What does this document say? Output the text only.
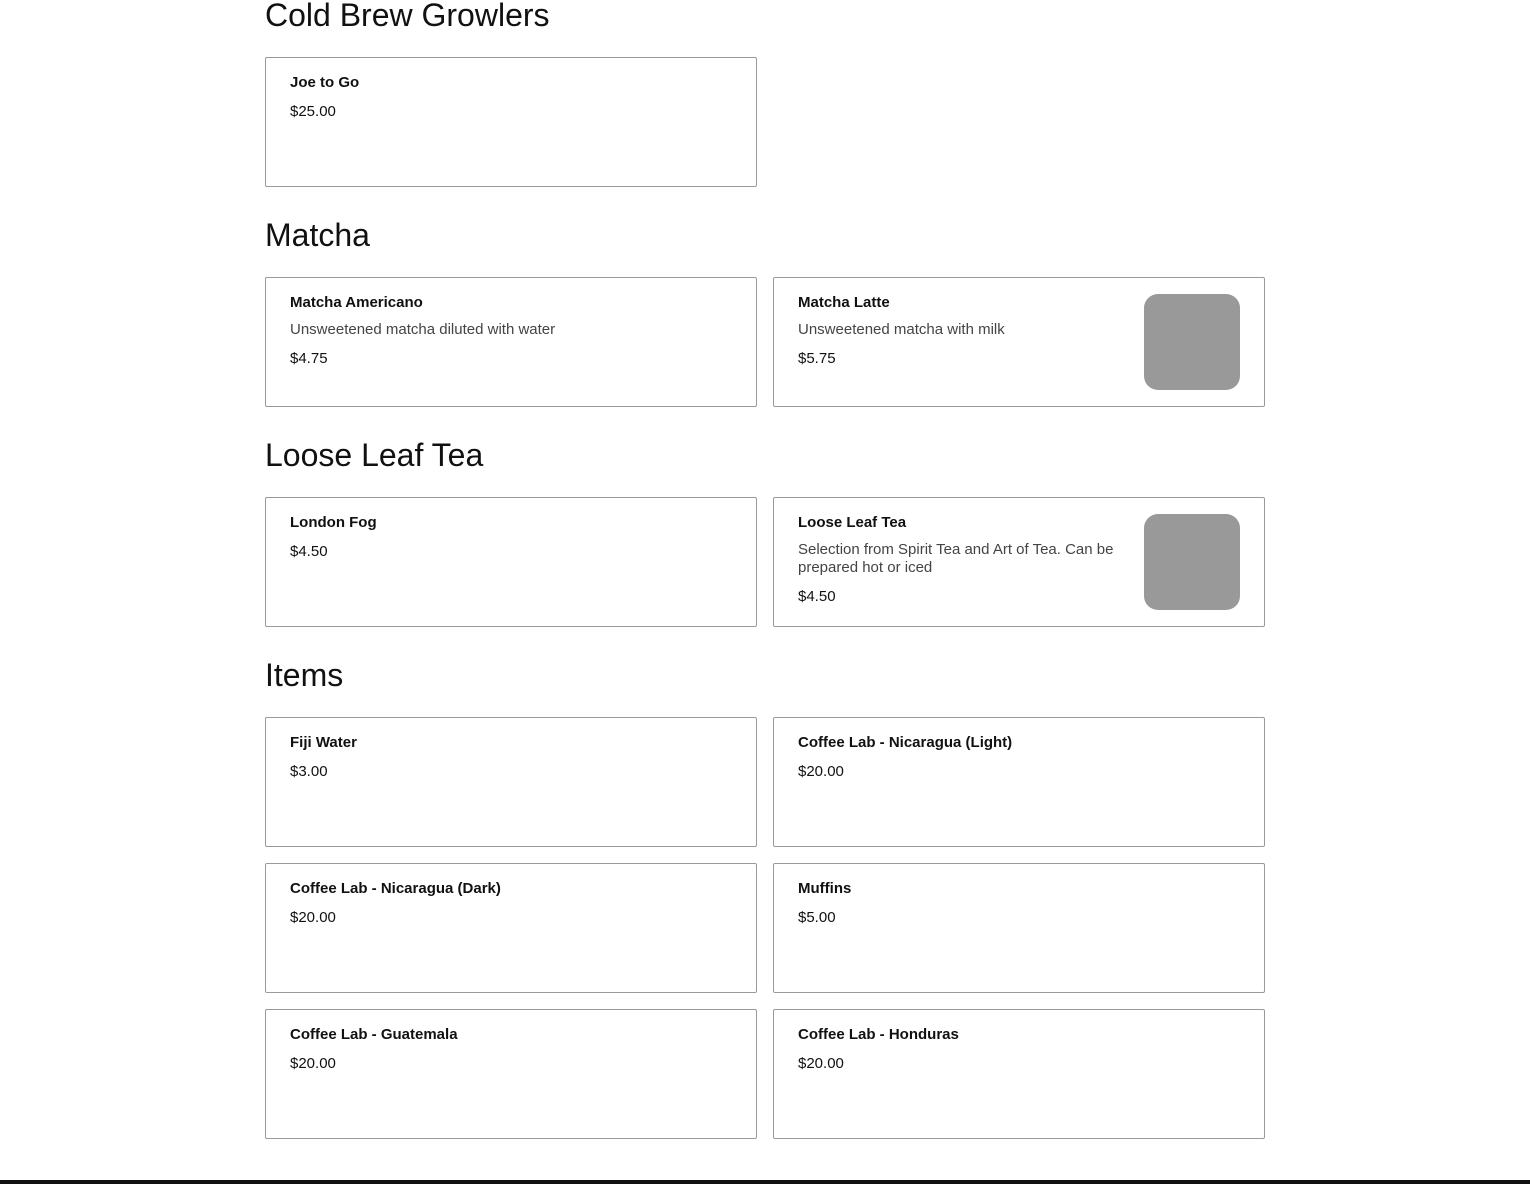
Cold Brew Growlers
Joe to Go
$25.00
Matcha
Matcha Americano
Unsweetened matcha diluted with water
$4.75
Matcha Latte
Unsweetened matcha with milk
$5.75
Loose Leaf Tea
London Fog
$4.50
Loose Leaf Tea
Selection from Spirit Tea and Art of Tea. Can be prepared hot or iced
$4.50
Items
Fiji Water
$3.00
Coffee Lab - Nicaragua (Light)
$20.00
Coffee Lab - Nicaragua (Dark)
$20.00
Muffins
$5.00
Coffee Lab - Guatemala
$20.00
Coffee Lab - Honduras
$20.00
